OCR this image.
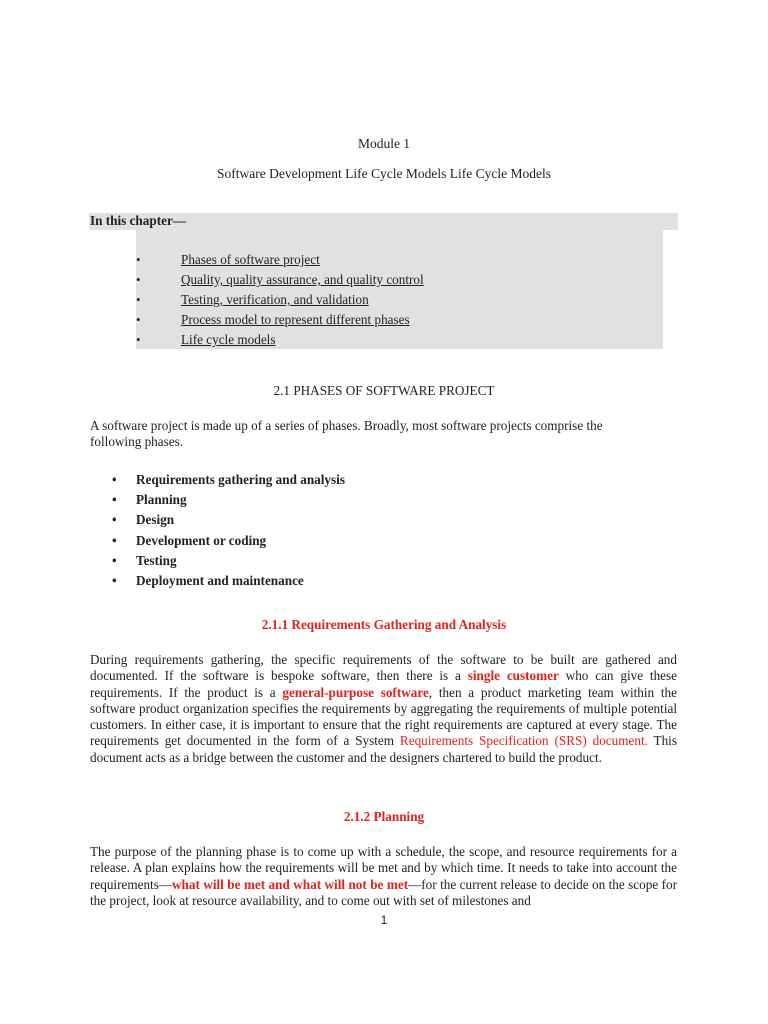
Module 1
Software Development Life Cycle Models Life Cycle Models
In this chapter—
•	Phases of software project
•	Quality, quality assurance, and quality control
•	Testing, verification, and validation
•	Process model to represent different phases
•	Life cycle models
2.1 PHASES OF SOFTWARE PROJECT
A software project is made up of a series of phases. Broadly, most software projects comprise the
following phases.
• Requirements gathering and analysis
• Planning
• Design
• Development or coding
• Testing
• Deployment and maintenance
2.1.1 Requirements Gathering and Analysis
During requirements gathering, the specific requirements of the software to be built are gathered and documented. If the software is bespoke software, then there is a single customer who can give these requirements. If the product is a general-purpose software, then a product marketing team within the software product organization specifies the requirements by aggregating the requirements of multiple potential customers. In either case, it is important to ensure that the right requirements are captured at every stage. The requirements get documented in the form of a System Requirements Specification (SRS) document. This document acts as a bridge between the customer and the designers chartered to build the product.
2.1.2 Planning
The purpose of the planning phase is to come up with a schedule, the scope, and resource requirements for a release. A plan explains how the requirements will be met and by which time. It needs to take into account the requirements—what will be met and what will not be met—for the current release to decide on the scope for the project, look at resource availability, and to come out with set of milestones and
1
